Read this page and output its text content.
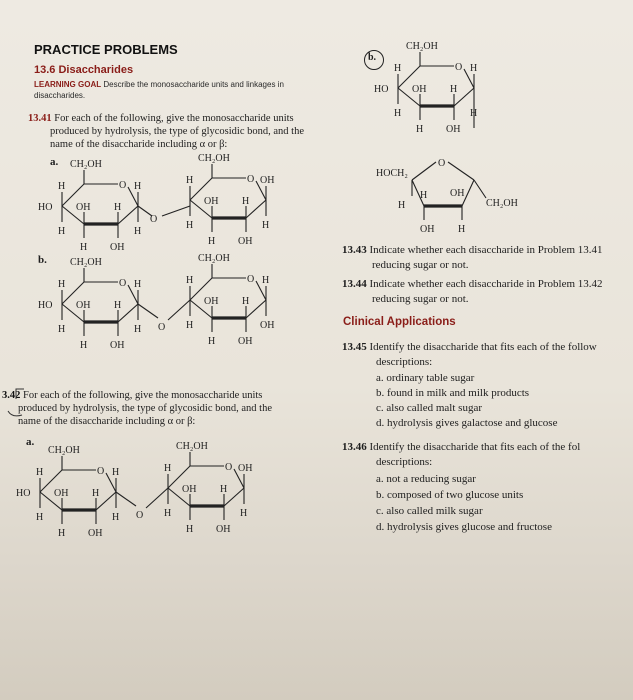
PRACTICE PROBLEMS
13.6 Disaccharides
LEARNING GOAL Describe the monosaccharide units and linkages in
disaccharides.
13.41 For each of the following, give the monosaccharide units
produced by hydrolysis, the type of glycosidic bond, and the
name of the disaccharide including α or β:
a.
b.
3.42 For each of the following, give the monosaccharide units
produced by hydrolysis, the type of glycosidic bond, and the
name of the disaccharide including α or β:
a.
b.
13.43 Indicate whether each disaccharide in Problem 13.41
reducing sugar or not.
13.44 Indicate whether each disaccharide in Problem 13.42
reducing sugar or not.
Clinical Applications
13.45 Identify the disaccharide that fits each of the follow
descriptions:
a. ordinary table sugar
b. found in milk and milk products
c. also called malt sugar
d. hydrolysis gives galactose and glucose
13.46 Identify the disaccharide that fits each of the fol
descriptions:
a. not a reducing sugar
b. composed of two glucose units
c. also called milk sugar
d. hydrolysis gives glucose and fructose
O
CH₂OH
H
H
HO OH
H
H
OH
H
H
O
CH₂OH
H
H
OH
H
H
OH
OH
H
O
O
CH₂OH
H
H
HO OH
H
H
OH
H
H
O
CH₂OH
H
H
OH
H
H
OH
H
OH
O
O
CH₂OH
H
H
HO OH
H
H
OH
H
H
O
CH₂OH
H
H
OH
H
H
OH
OH
H
O
O
CH₂OH
H
H
HO OH
H
H
OH
H
H
O
HOCH₂
H
H OH
CH₂OH
OH H
